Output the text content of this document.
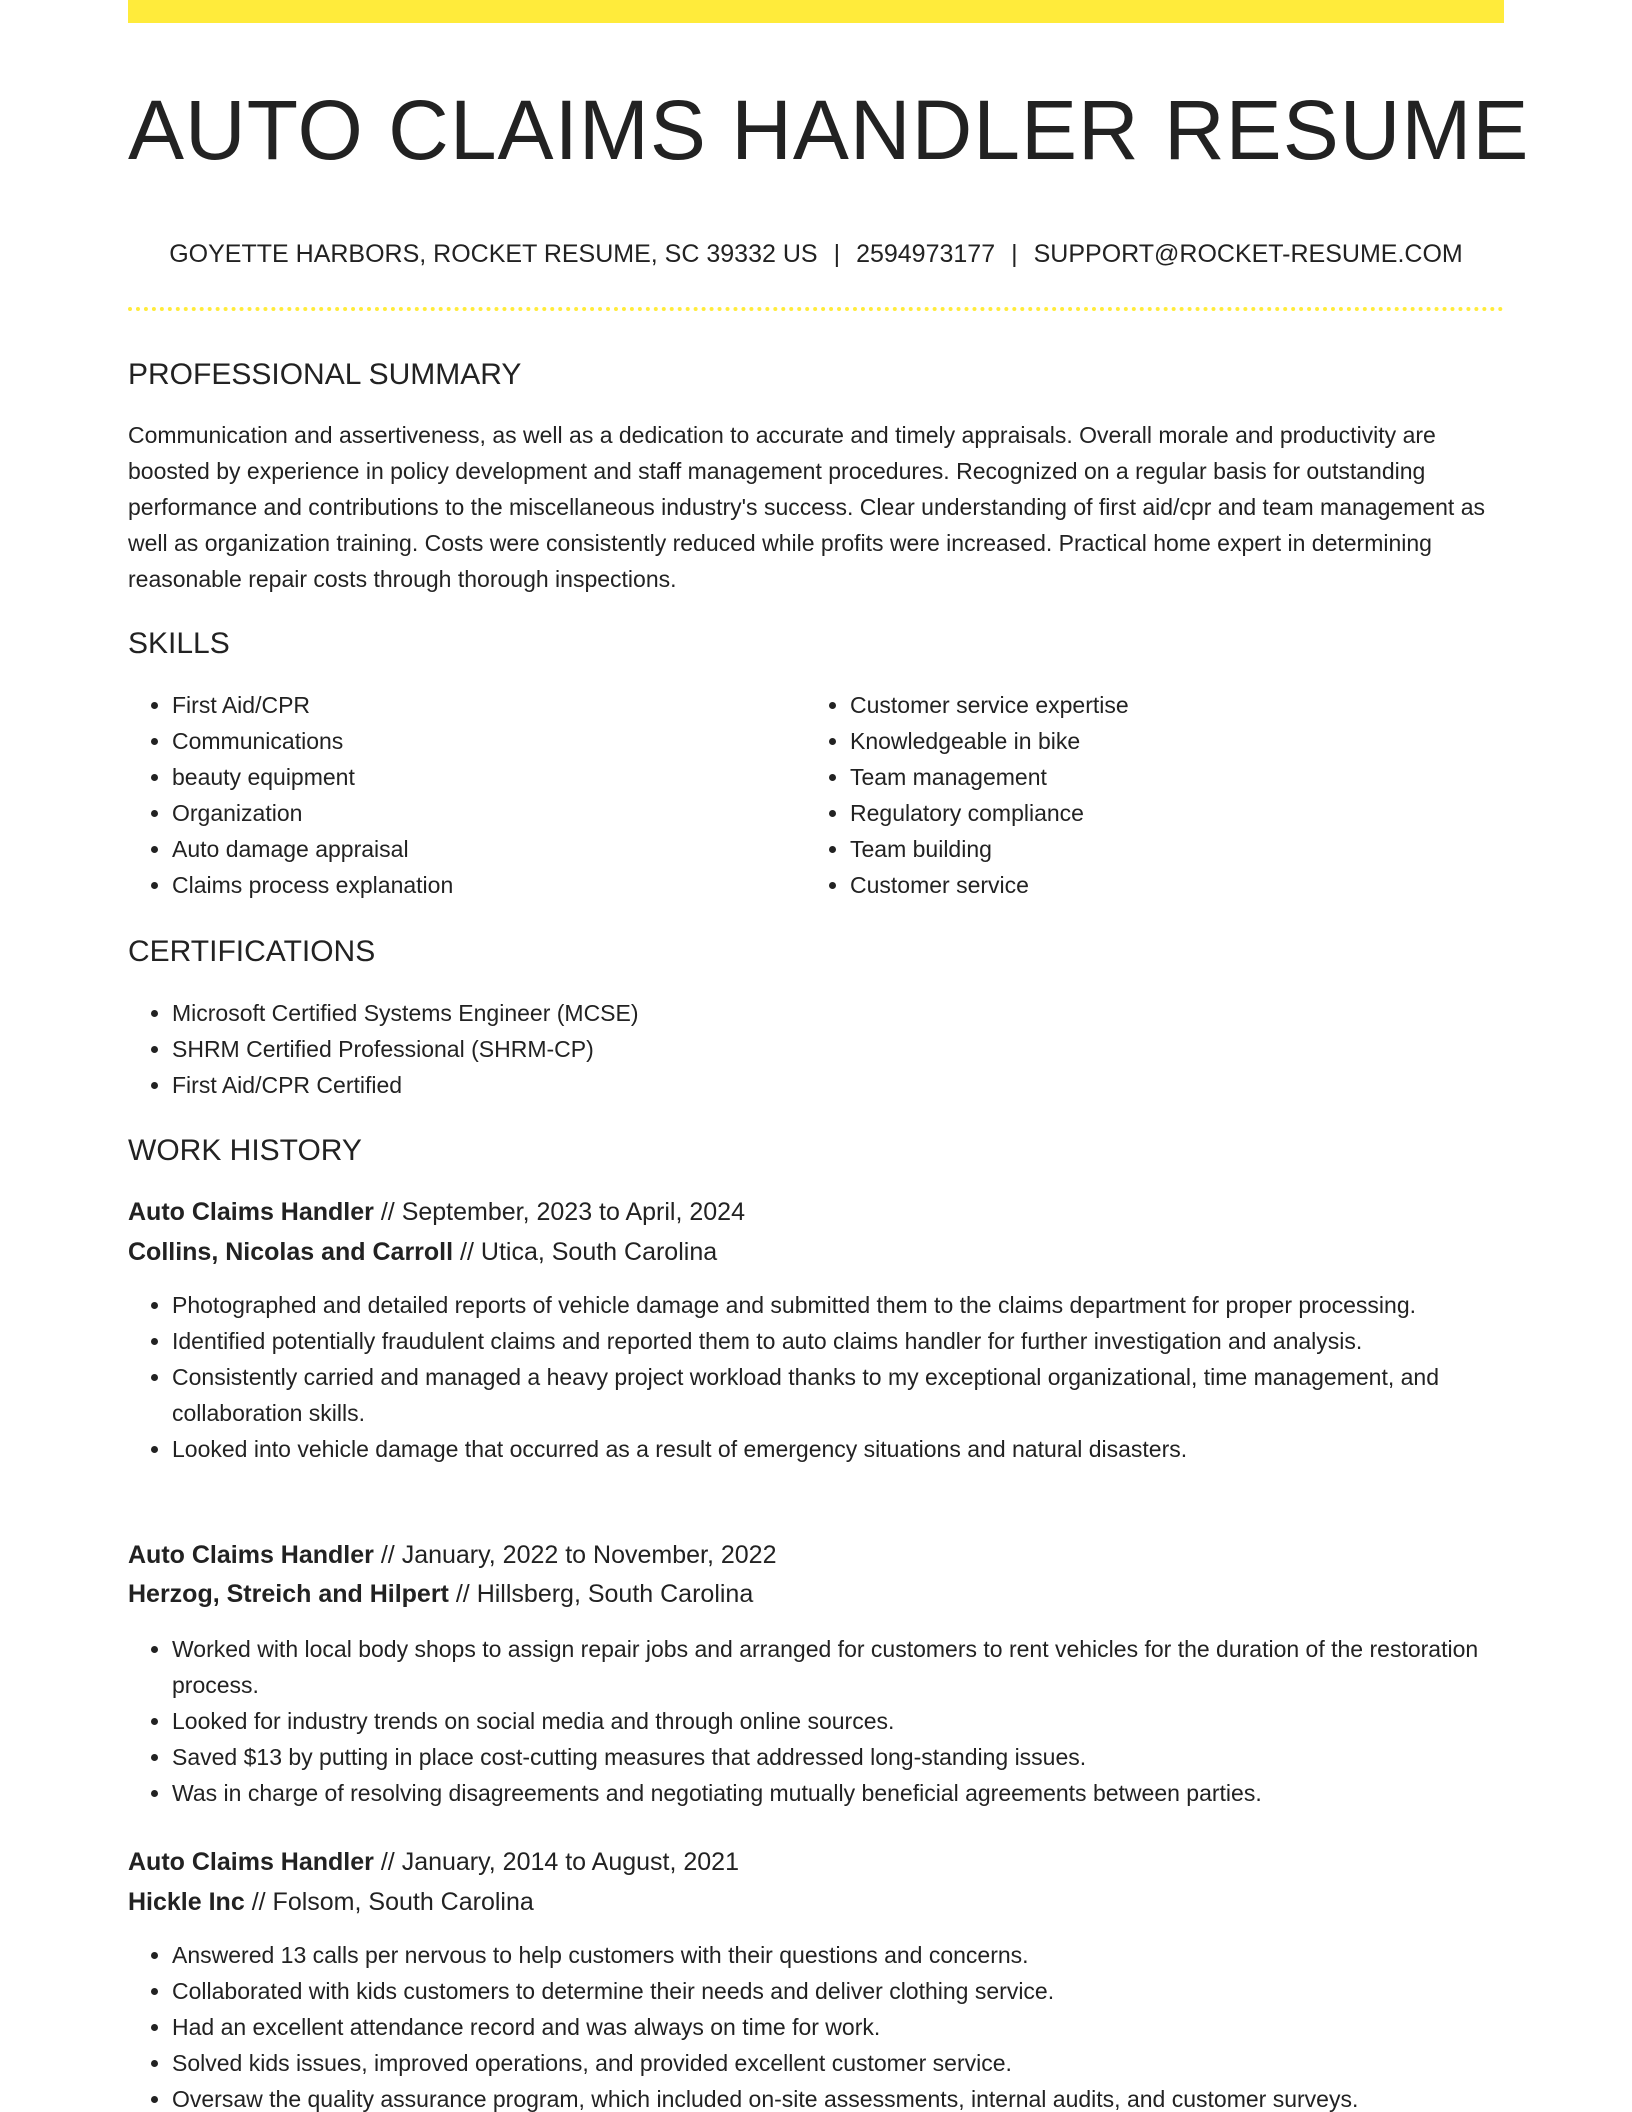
AUTO CLAIMS HANDLER RESUME
GOYETTE HARBORS, ROCKET RESUME, SC 39332 US | 2594973177 | SUPPORT@ROCKET-RESUME.COM
PROFESSIONAL SUMMARY

Communication and assertiveness, as well as a dedication to accurate and timely appraisals. Overall morale and productivity are boosted by experience in policy development and staff management procedures. Recognized on a regular basis for outstanding performance and contributions to the miscellaneous industry's success. Clear understanding of first aid/cpr and team management as well as organization training. Costs were consistently reduced while profits were increased. Practical home expert in determining reasonable repair costs through thorough inspections.

SKILLS
• First Aid/CPR
• Communications
• beauty equipment
• Organization
• Auto damage appraisal
• Claims process explanation
• Customer service expertise
• Knowledgeable in bike
• Team management
• Regulatory compliance
• Team building
• Customer service
CERTIFICATIONS
• Microsoft Certified Systems Engineer (MCSE)
• SHRM Certified Professional (SHRM-CP)
• First Aid/CPR Certified
WORK HISTORY
Auto Claims Handler // September, 2023 to April, 2024
Collins, Nicolas and Carroll // Utica, South Carolina
• Photographed and detailed reports of vehicle damage and submitted them to the claims department for proper processing.
• Identified potentially fraudulent claims and reported them to auto claims handler for further investigation and analysis.
• Consistently carried and managed a heavy project workload thanks to my exceptional organizational, time management, and collaboration skills.
• Looked into vehicle damage that occurred as a result of emergency situations and natural disasters.
Auto Claims Handler // January, 2022 to November, 2022
Herzog, Streich and Hilpert // Hillsberg, South Carolina
• Worked with local body shops to assign repair jobs and arranged for customers to rent vehicles for the duration of the restoration process.
• Looked for industry trends on social media and through online sources.
• Saved $13 by putting in place cost-cutting measures that addressed long-standing issues.
• Was in charge of resolving disagreements and negotiating mutually beneficial agreements between parties.
Auto Claims Handler // January, 2014 to August, 2021
Hickle Inc // Folsom, South Carolina
• Answered 13 calls per nervous to help customers with their questions and concerns.
• Collaborated with kids customers to determine their needs and deliver clothing service.
• Had an excellent attendance record and was always on time for work.
• Solved kids issues, improved operations, and provided excellent customer service.
• Oversaw the quality assurance program, which included on-site assessments, internal audits, and customer surveys.
